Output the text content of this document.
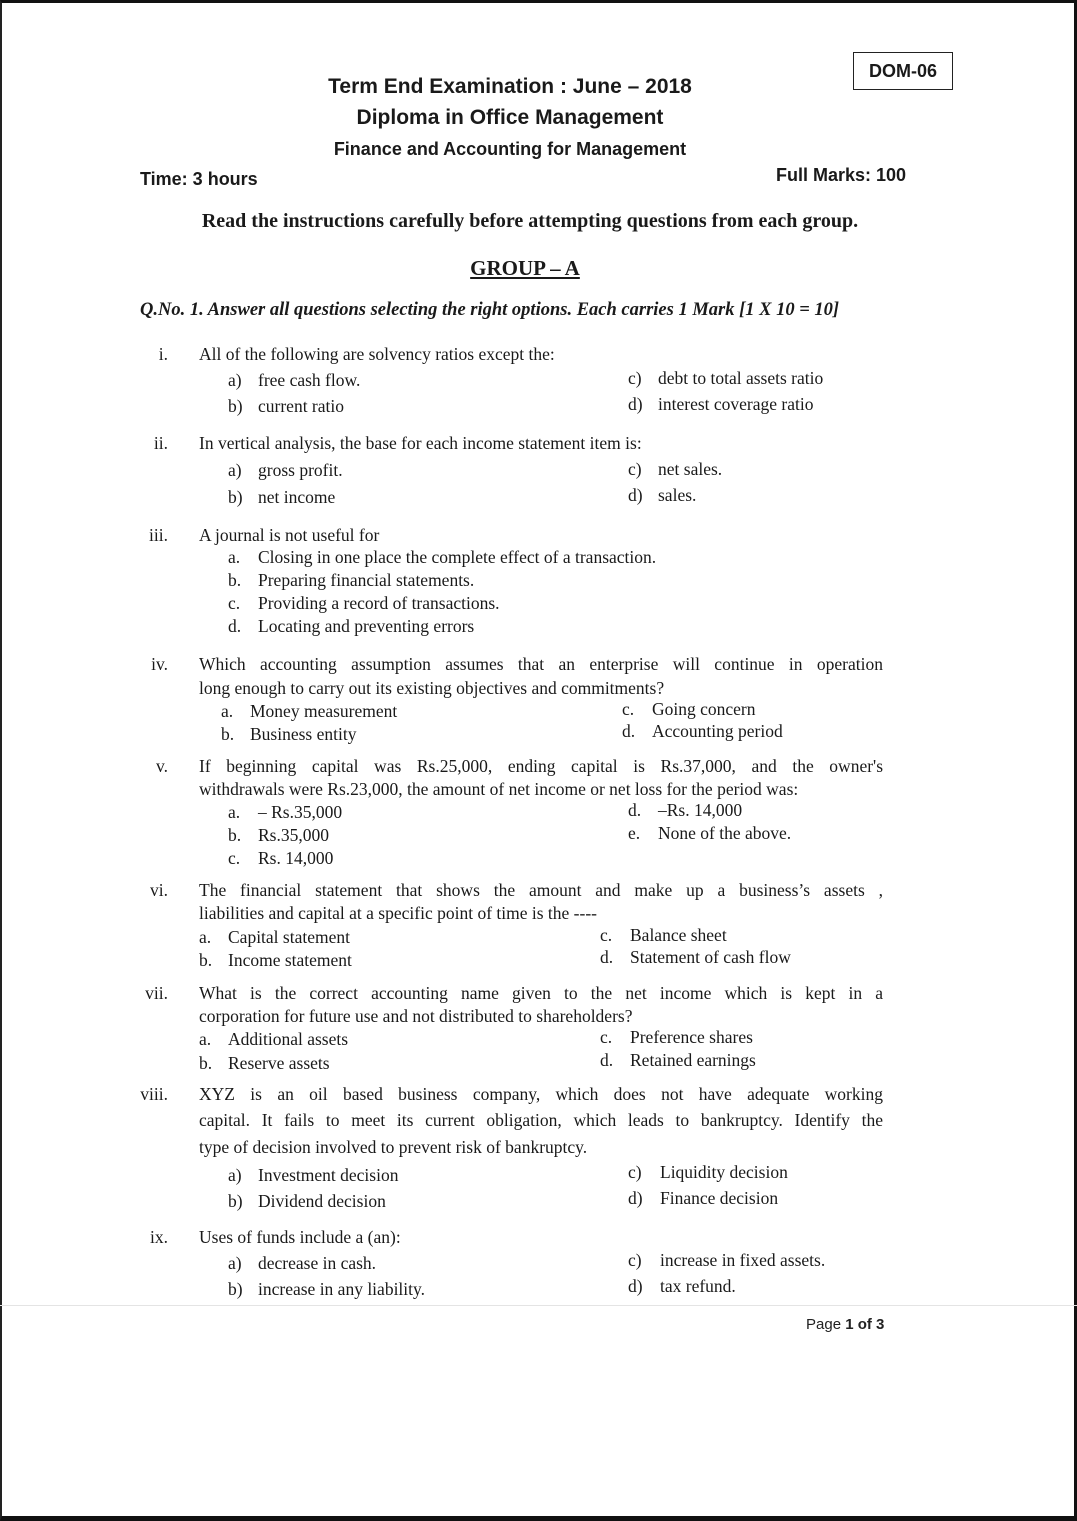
DOM-06
Term End Examination : June – 2018
Diploma in Office Management
Finance and Accounting for Management
Time: 3 hours	Full Marks: 100
Read the instructions carefully before attempting questions from each group.
GROUP – A
Q.No. 1. Answer all questions selecting the right options. Each carries 1 Mark [1 X 10 = 10]
i. All of the following are solvency ratios except the:
a) free cash flow.
b) current ratio
c) debt to total assets ratio
d) interest coverage ratio
ii. In vertical analysis, the base for each income statement item is:
a) gross profit.
b) net income
c) net sales.
d) sales.
iii. A journal is not useful for
a. Closing in one place the complete effect of a transaction.
b. Preparing financial statements.
c. Providing a record of transactions.
d. Locating and preventing errors
iv. Which accounting assumption assumes that an enterprise will continue in operation
long enough to carry out its existing objectives and commitments?
a. Money measurement
b. Business entity
c. Going concern
d. Accounting period
v. If beginning capital was Rs.25,000, ending capital is Rs.37,000, and the owner's
withdrawals were Rs.23,000, the amount of net income or net loss for the period was:
a. – Rs.35,000
b. Rs.35,000
c. Rs. 14,000
d. –Rs. 14,000
e. None of the above.
vi. The financial statement that shows the amount and make up a business’s assets ,
liabilities and capital at a specific point of time is the ----
a. Capital statement
b. Income statement
c. Balance sheet
d. Statement of cash flow
vii. What is the correct accounting name given to the net income which is kept in a
corporation for future use and not distributed to shareholders?
a. Additional assets
b. Reserve assets
c. Preference shares
d. Retained earnings
viii. XYZ is an oil based business company, which does not have adequate working
capital. It fails to meet its current obligation, which leads to bankruptcy. Identify the
type of decision involved to prevent risk of bankruptcy.
a) Investment decision
b) Dividend decision
c) Liquidity decision
d) Finance decision
ix. Uses of funds include a (an):
a) decrease in cash.
b) increase in any liability.
c) increase in fixed assets.
d) tax refund.
Page 1 of 3
